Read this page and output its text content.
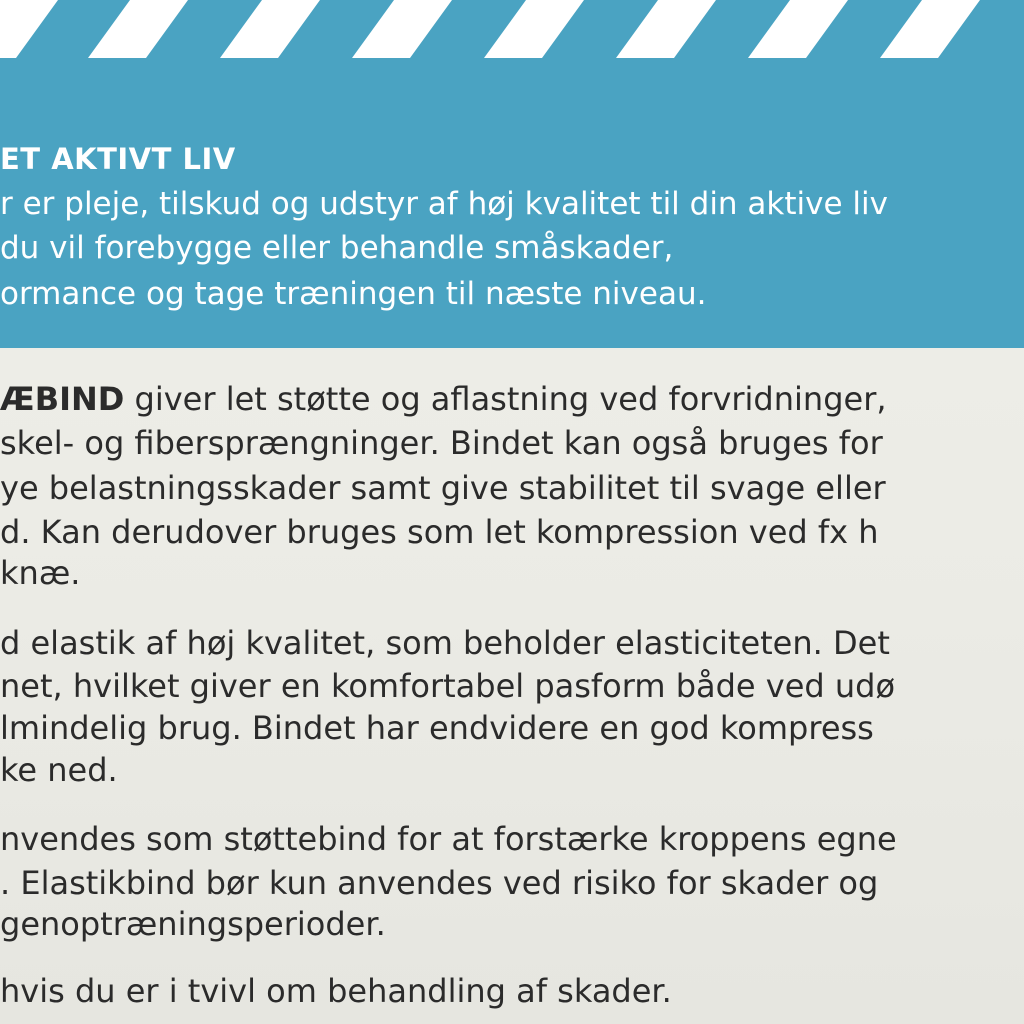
ET AKTIVT LIV

r er pleje, tilskud og udstyr af høj kvalitet til din aktive liv

du vil forebygge eller behandle småskader,

ormance og tage træningen til næste niveau.

ÆBIND giver let støtte og aflastning ved forvridninger,

skel- og fibersprængninger. Bindet kan også bruges for

ye belastningsskader samt give stabilitet til svage eller

d. Kan derudover bruges som let kompression ved fx h

knæ.

d elastik af høj kvalitet, som beholder elasticiteten. Det

net, hvilket giver en komfortabel pasform både ved udø

lmindelig brug. Bindet har endvidere en god kompress

ke ned.

nvendes som støttebind for at forstærke kroppens egne

. Elastikbind bør kun anvendes ved risiko for skader og

genoptræningsperioder.

hvis du er i tvivl om behandling af skader.
